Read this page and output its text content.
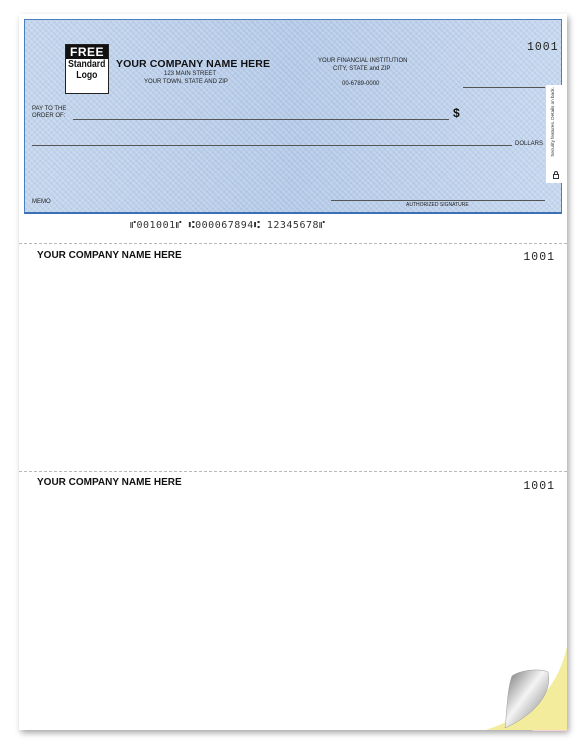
FREE
Standard
Logo
YOUR COMPANY NAME HERE
123 MAIN STREET
YOUR TOWN, STATE AND ZIP
YOUR FINANCIAL INSTITUTION
CITY, STATE and ZIP
00-6789-0000
1001
PAY TO THE
ORDER OF:	$
DOLLARS
MEMO	AUTHORIZED SIGNATURE
Security features. Details on back.
⑈001001⑈ ⑆000067894⑆ 12345678⑈
YOUR COMPANY NAME HERE	1001
YOUR COMPANY NAME HERE	1001
